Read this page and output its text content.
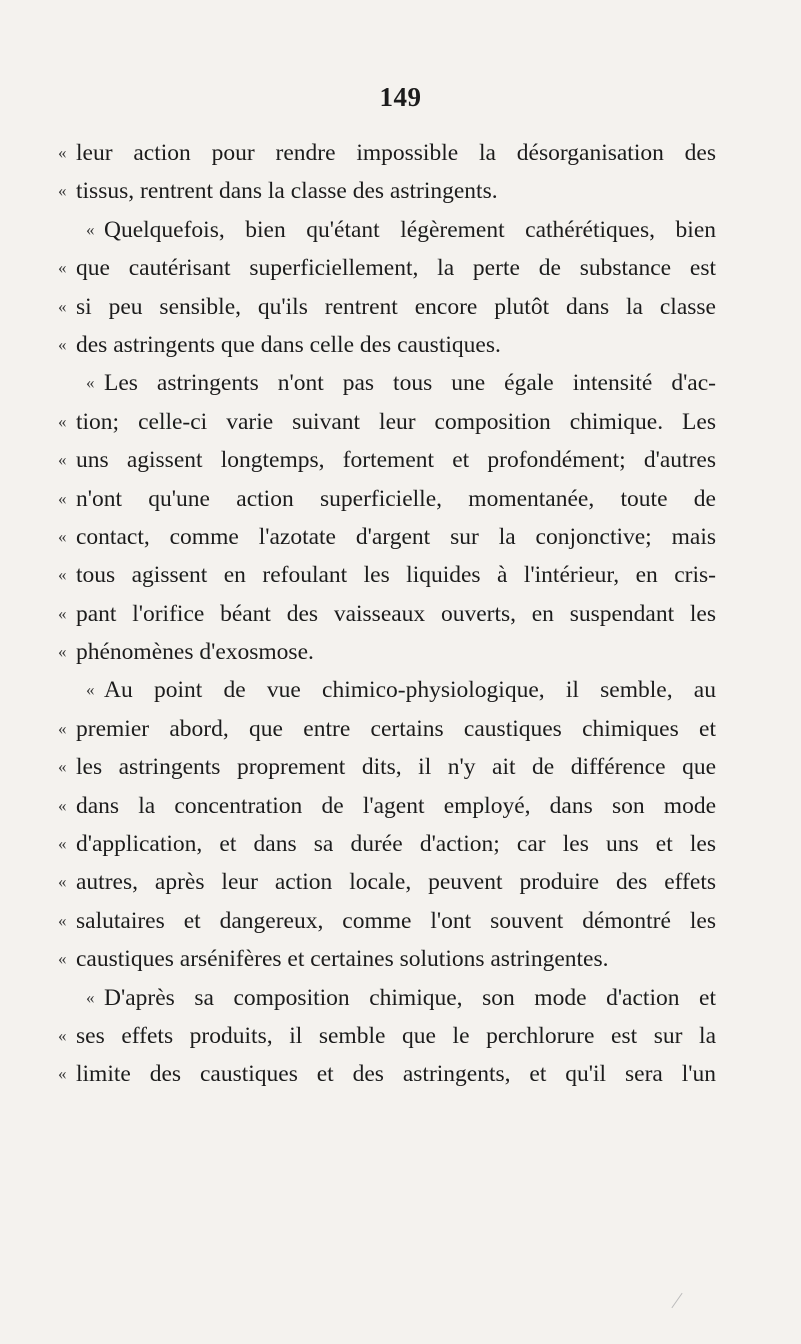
149
« leur action pour rendre impossible la désorganisation des
« tissus, rentrent dans la classe des astringents.
« Quelquefois, bien qu'étant légèrement cathérétiques, bien
« que cautérisant superficiellement, la perte de substance est
« si peu sensible, qu'ils rentrent encore plutôt dans la classe
« des astringents que dans celle des caustiques.
« Les astringents n'ont pas tous une égale intensité d'ac-
« tion; celle-ci varie suivant leur composition chimique. Les
« uns agissent longtemps, fortement et profondément; d'autres
« n'ont qu'une action superficielle, momentanée, toute de
« contact, comme l'azotate d'argent sur la conjonctive; mais
« tous agissent en refoulant les liquides à l'intérieur, en cris-
« pant l'orifice béant des vaisseaux ouverts, en suspendant les
« phénomènes d'exosmose.
« Au point de vue chimico-physiologique, il semble, au
« premier abord, que entre certains caustiques chimiques et
« les astringents proprement dits, il n'y ait de différence que
« dans la concentration de l'agent employé, dans son mode
« d'application, et dans sa durée d'action; car les uns et les
« autres, après leur action locale, peuvent produire des effets
« salutaires et dangereux, comme l'ont souvent démontré les
« caustiques arsénifères et certaines solutions astringentes.
« D'après sa composition chimique, son mode d'action et
« ses effets produits, il semble que le perchlorure est sur la
« limite des caustiques et des astringents, et qu'il sera l'un
